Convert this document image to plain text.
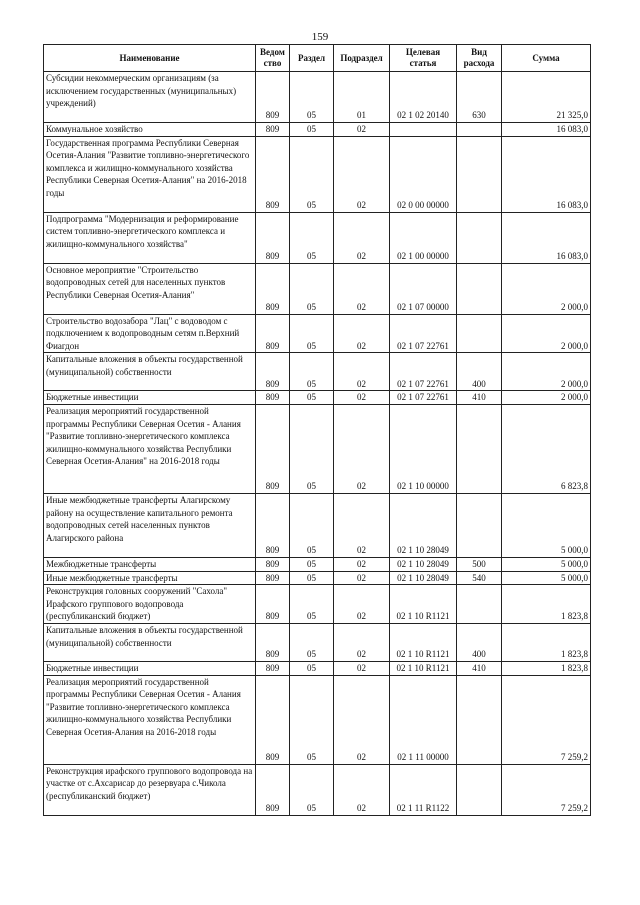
159
Наименование	Ведом ство	Раздел	Подраздел	Целевая статья	Вид расхода	Сумма
Субсидии некоммерческим организациям (за исключением государственных (муниципальных) учреждений)	809	05	01	02 1 02 20140	630	21 325,0
Коммунальное хозяйство	809	05	02			16 083,0
Государственная программа Республики Северная Осетия-Алания "Развитие топливно-энергетического комплекса и жилищно-коммунального хозяйства Республики Северная Осетия-Алания" на 2016-2018 годы	809	05	02	02 0 00 00000		16 083,0
Подпрограмма "Модернизация и реформирование систем топливно-энергетического комплекса и жилищно-коммунального хозяйства"	809	05	02	02 1 00 00000		16 083,0
Основное мероприятие "Строительство водопроводных сетей для населенных пунктов Республики Северная Осетия-Алания"	809	05	02	02 1 07 00000		2 000,0
Строительство водозабора "Лац" с водоводом с подключением к водопроводным сетям п.Верхний Фиагдон	809	05	02	02 1 07 22761		2 000,0
Капитальные вложения в объекты государственной (муниципальной) собственности	809	05	02	02 1 07 22761	400	2 000,0
Бюджетные инвестиции	809	05	02	02 1 07 22761	410	2 000,0
Реализация мероприятий государственной программы Республики Северная Осетия - Алания "Развитие топливно-энергетического комплекса жилищно-коммунального хозяйства Республики Северная Осетия-Алания" на 2016-2018 годы	809	05	02	02 1 10 00000		6 823,8
Иные межбюджетные трансферты Алагирскому району на осуществление капитального ремонта водопроводных сетей населенных пунктов Алагирского района	809	05	02	02 1 10 28049		5 000,0
Межбюджетные трансферты	809	05	02	02 1 10 28049	500	5 000,0
Иные межбюджетные трансферты	809	05	02	02 1 10 28049	540	5 000,0
Реконструкция головных сооружений "Сахола" Ирафского группового водопровода (республиканский бюджет)	809	05	02	02 1 10 R1121		1 823,8
Капитальные вложения в объекты государственной (муниципальной) собственности	809	05	02	02 1 10 R1121	400	1 823,8
Бюджетные инвестиции	809	05	02	02 1 10 R1121	410	1 823,8
Реализация мероприятий государственной программы Республики Северная Осетия - Алания "Развитие топливно-энергетического комплекса жилищно-коммунального хозяйства Республики Северная Осетия-Алания на 2016-2018 годы	809	05	02	02 1 11 00000		7 259,2
Реконструкция ирафского группового водопровода на участке от с.Ахсарисар до резервуара с.Чикола (республиканский бюджет)	809	05	02	02 1 11 R1122		7 259,2
